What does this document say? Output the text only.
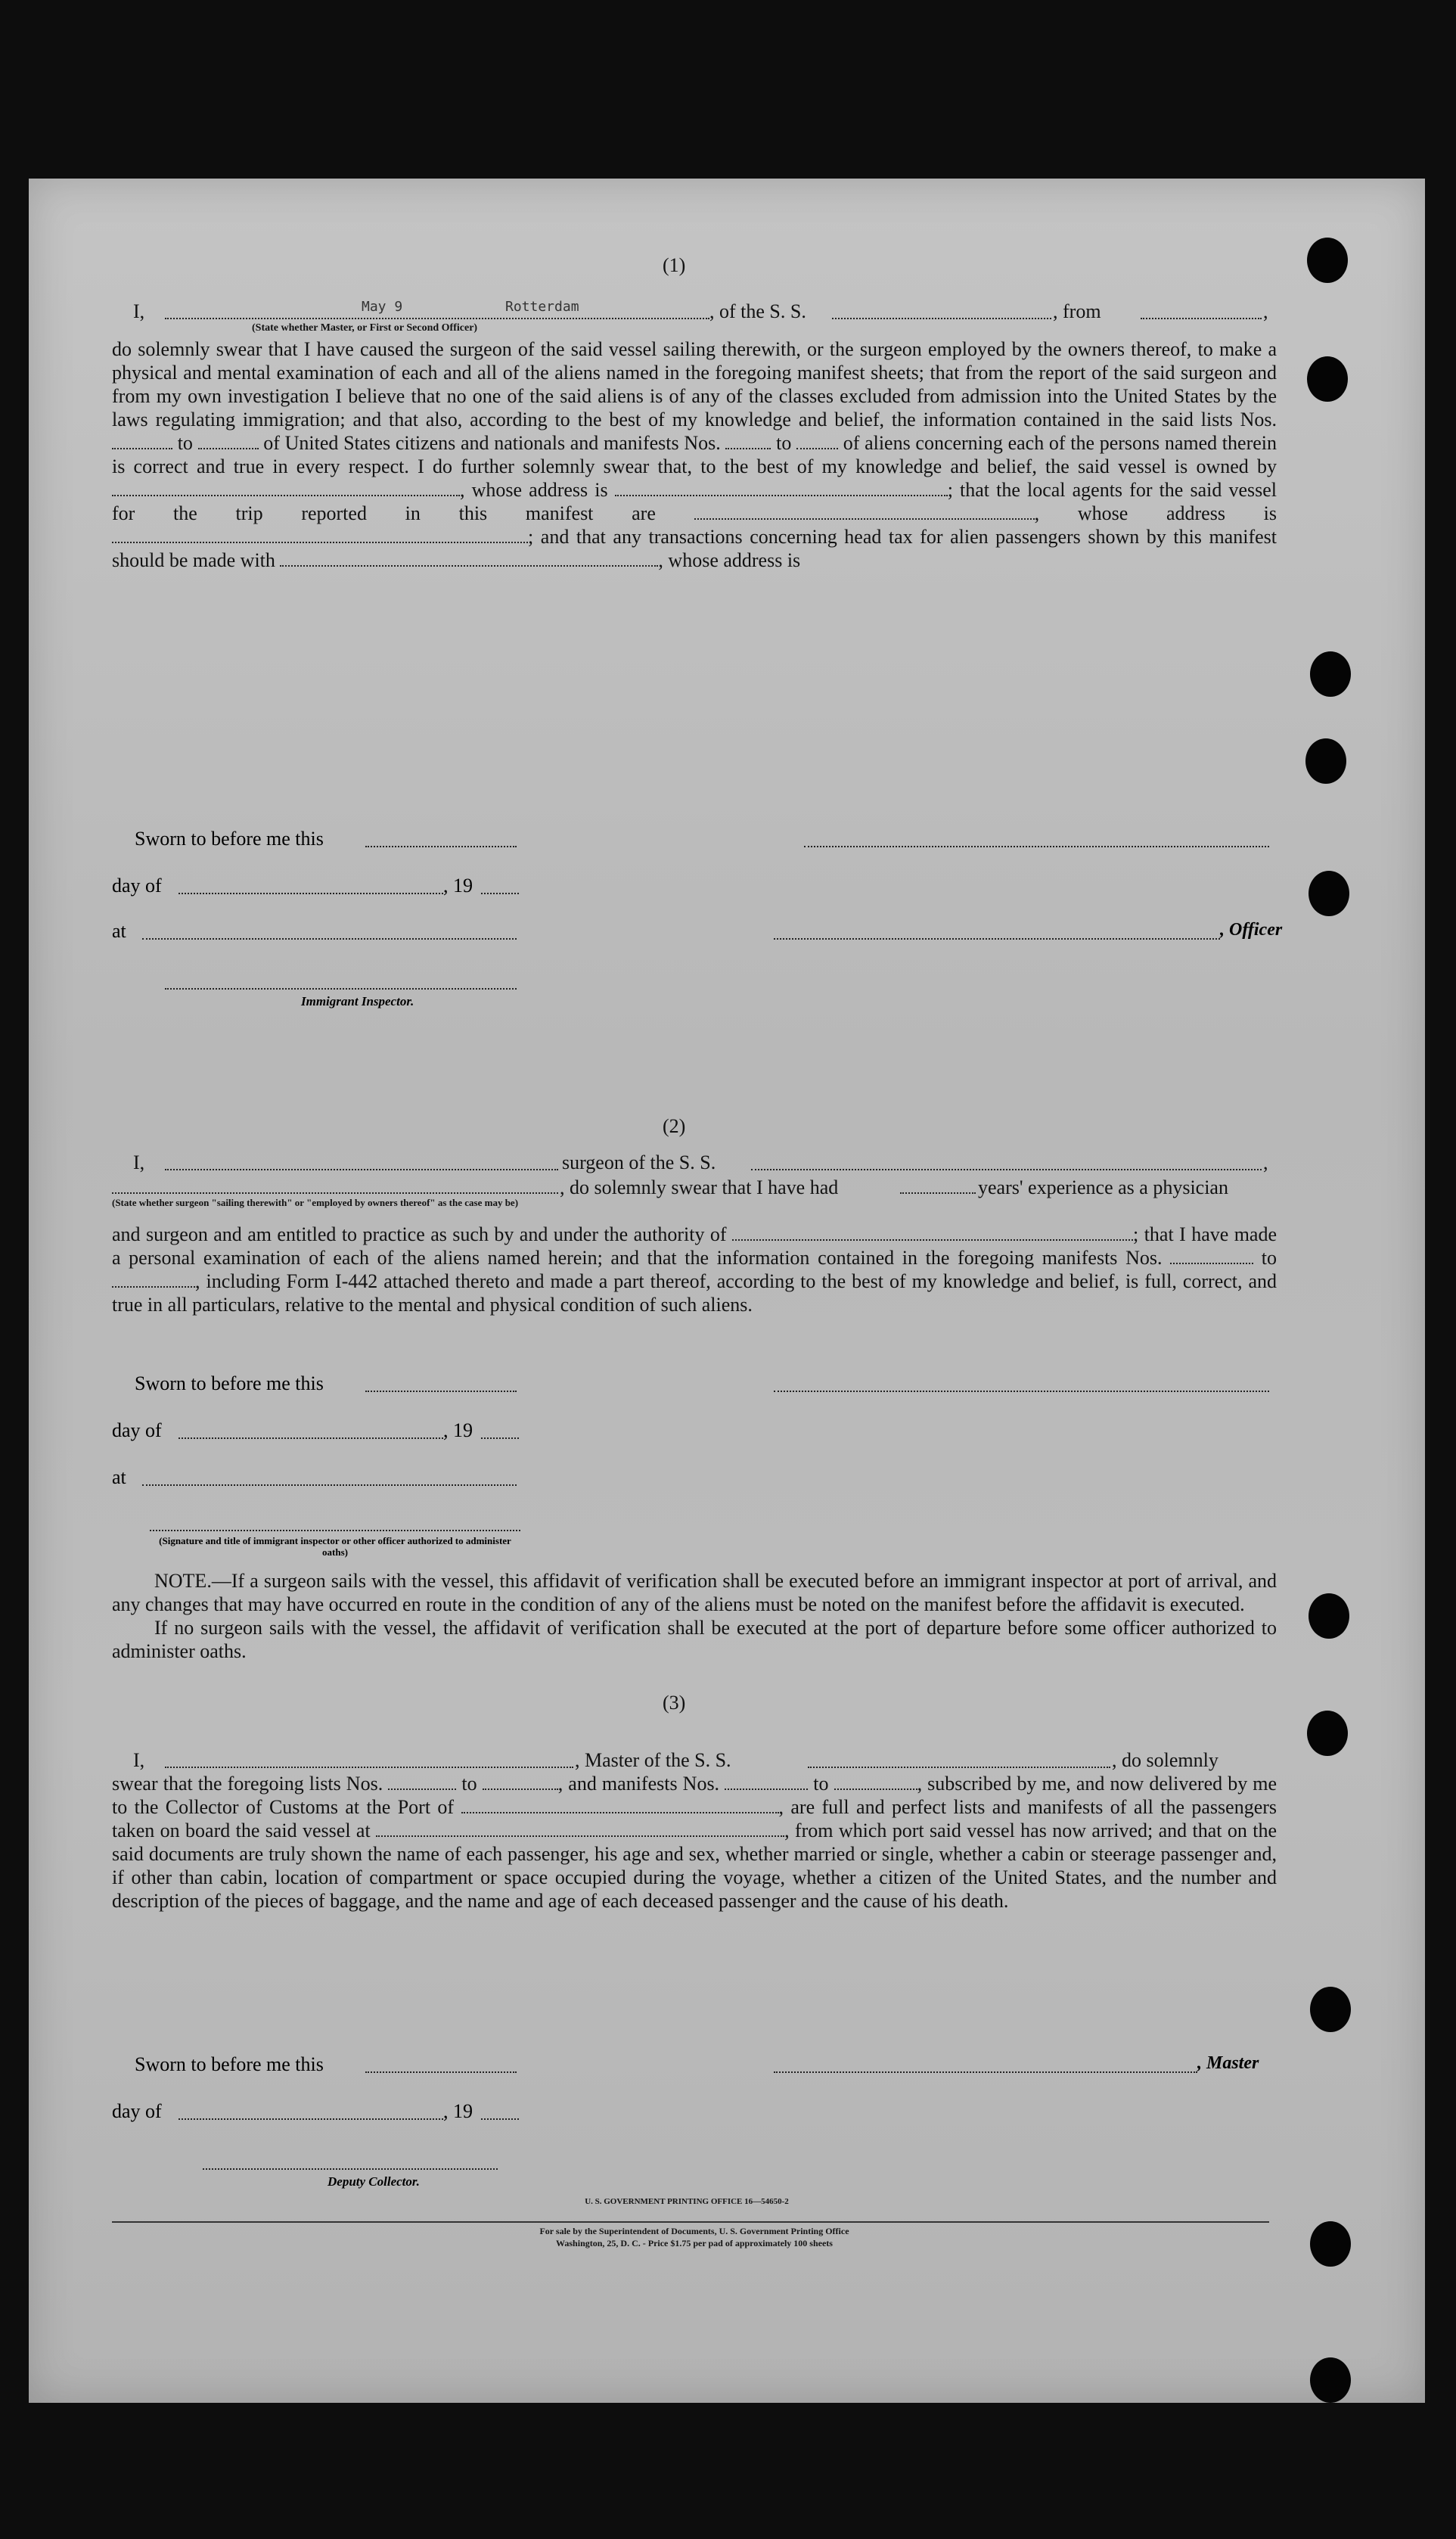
(1)
I,	May 9	Rotterdam	, of the S. S.	, from	,
(State whether Master, or First or Second Officer)

do solemnly swear that I have caused the surgeon of the said vessel sailing therewith, or the surgeon employed by the owners thereof, to make a physical and mental examination of each and all of the aliens named in the foregoing manifest sheets; that from the report of the said surgeon and from my own investigation I believe that no one of the said aliens is of any of the classes excluded from admission into the United States by the laws regulating immigration; and that also, according to the best of my knowledge and belief, the information contained in the said lists Nos.  to	of United States citizens and nationals and manifests Nos.	to	of aliens concerning each of the persons named therein is correct and true in every respect. I do further solemnly swear that, to the best of my knowledge and belief, the said vessel is owned by , whose address is	; that the local agents for the said vessel for the trip reported in this manifest are	, whose address is ; and that any transactions concerning head tax for alien passengers shown by this manifest should be made with	, whose address is

Sworn to before me this
day of	, 19
at	, Officer
Immigrant Inspector.
(2)
I,	surgeon of the S. S.	,
, do solemnly swear that I have had	years' experience as a physician
(State whether surgeon "sailing therewith" or "employed by owners thereof" as the case may be)

and surgeon and am entitled to practice as such by and under the authority of	; that I have made a personal examination of each of the aliens named herein; and that the information contained in the foregoing manifests Nos.	to , including Form I-442 attached thereto and made a part thereof, according to the best of my knowledge and belief, is full, correct, and true in all particulars, relative to the mental and physical condition of such aliens.

Sworn to before me this
day of	, 19
at
(Signature and title of immigrant inspector or other officer authorized to administer oaths)

NOTE.—If a surgeon sails with the vessel, this affidavit of verification shall be executed before an immigrant inspector at port of arrival, and any changes that may have occurred en route in the condition of any of the aliens must be noted on the manifest before the affidavit is executed.

If no surgeon sails with the vessel, the affidavit of verification shall be executed at the port of departure before some officer authorized to administer oaths.

(3)
I,	, Master of the S. S.	, do solemnly

swear that the foregoing lists Nos.	to	, and manifests Nos.	to	, subscribed by me, and now delivered by me to the Collector of Customs at the Port of	, are full and perfect lists and manifests of all the passengers taken on board the said vessel at	, from which port said vessel has now arrived; and that on the said documents are truly shown the name of each passenger, his age and sex, whether married or single, whether a cabin or steerage passenger and, if other than cabin, location of compartment or space occupied during the voyage, whether a citizen of the United States, and the number and description of the pieces of baggage, and the name and age of each deceased passenger and the cause of his death.

Sworn to before me this	, Master
day of	, 19
Deputy Collector.
U. S. GOVERNMENT PRINTING OFFICE 16—54650-2
For sale by the Superintendent of Documents, U. S. Government Printing Office
Washington, 25, D. C. - Price $1.75 per pad of approximately 100 sheets
